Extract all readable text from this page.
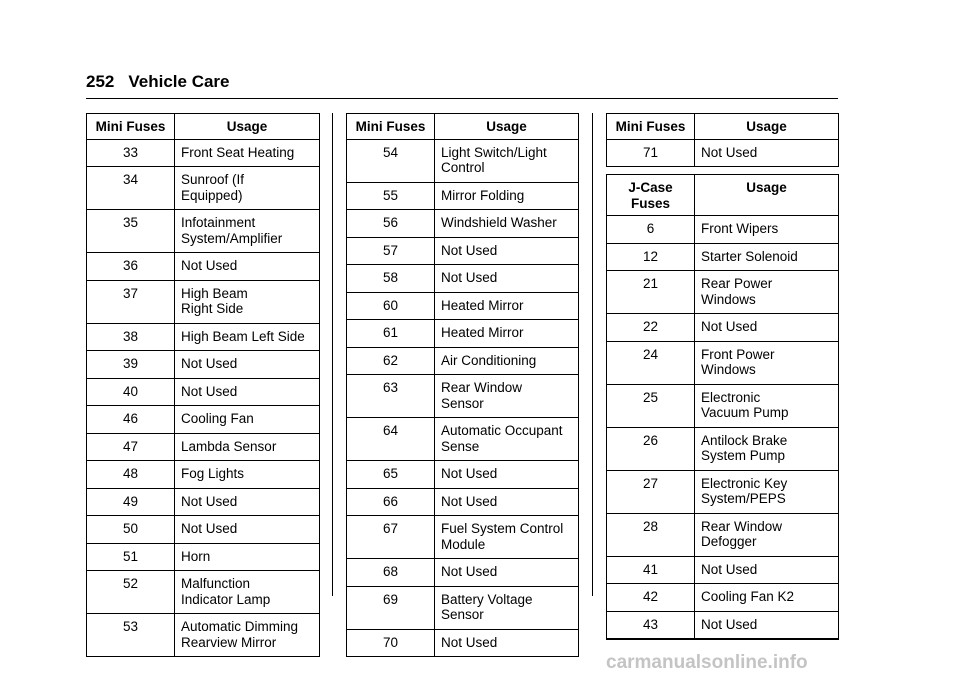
252 Vehicle Care
Mini Fuses	Usage
33	Front Seat Heating
34	Sunroof (If
Equipped)
35	Infotainment
System/Amplifier
36	Not Used
37	High Beam
Right Side
38	High Beam Left Side
39	Not Used
40	Not Used
46	Cooling Fan
47	Lambda Sensor
48	Fog Lights
49	Not Used
50	Not Used
51	Horn
52	Malfunction
Indicator Lamp
53	Automatic Dimming
Rearview Mirror
Mini Fuses	Usage
54	Light Switch/Light
Control
55	Mirror Folding
56	Windshield Washer
57	Not Used
58	Not Used
60	Heated Mirror
61	Heated Mirror
62	Air Conditioning
63	Rear Window
Sensor
64	Automatic Occupant
Sense
65	Not Used
66	Not Used
67	Fuel System Control
Module
68	Not Used
69	Battery Voltage
Sensor
70	Not Used
Mini Fuses	Usage
71	Not Used
J-Case
Fuses	Usage
6	Front Wipers
12	Starter Solenoid
21	Rear Power
Windows
22	Not Used
24	Front Power
Windows
25	Electronic
Vacuum Pump
26	Antilock Brake
System Pump
27	Electronic Key
System/PEPS
28	Rear Window
Defogger
41	Not Used
42	Cooling Fan K2
43	Not Used
carmanualsonline.info
